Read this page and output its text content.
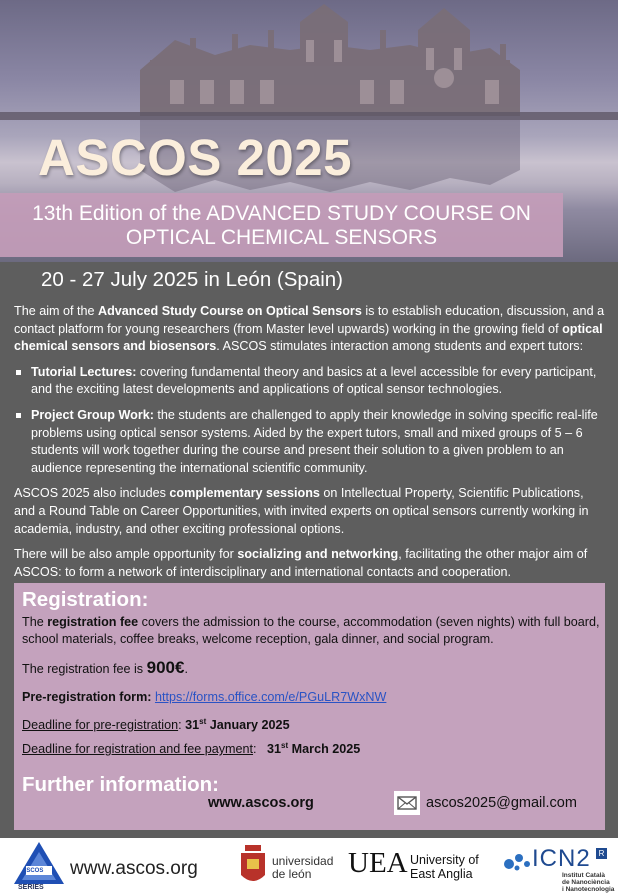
ASCOS 2025
13th Edition of the ADVANCED STUDY COURSE ON
OPTICAL CHEMICAL SENSORS
20 - 27 July 2025 in León (Spain)

The aim of the Advanced Study Course on Optical Sensors is to establish education, discussion, and a contact platform for young researchers (from Master level upwards) working in the growing field of optical chemical sensors and biosensors. ASCOS stimulates interaction among students and expert tutors:

Tutorial Lectures: covering fundamental theory and basics at a level accessible for every participant, and the exciting latest developments and applications of optical sensor technologies.
Project Group Work: the students are challenged to apply their knowledge in solving specific real-life problems using optical sensor systems. Aided by the expert tutors, small and mixed groups of 5 – 6 students will work together during the course and present their solution to a given problem to an audience representing the international scientific community.

ASCOS 2025 also includes complementary sessions on Intellectual Property, Scientific Publications, and a Round Table on Career Opportunities, with invited experts on optical sensors currently working in academia, industry, and other exciting professional options.

There will be also ample opportunity for socializing and networking, facilitating the other major aim of ASCOS: to form a network of interdisciplinary and international contacts and cooperation.

Registration:
The registration fee covers the admission to the course, accommodation (seven nights) with full board, school materials, coffee breaks, welcome reception, gala dinner, and social program.
The registration fee is 900€.
Pre-registration form: https://forms.office.com/e/PGuLR7WxNW
Deadline for pre-registration: 31st January 2025
Deadline for registration and fee payment:   31st March 2025
Further information:
www.ascos.org	ascos2025@gmail.com
ASCOS
SERIES
www.ascos.org	universidad
de león	UEA University of
East Anglia
ICN2 R
Institut Català
de Nanociència
i Nanotecnologia
